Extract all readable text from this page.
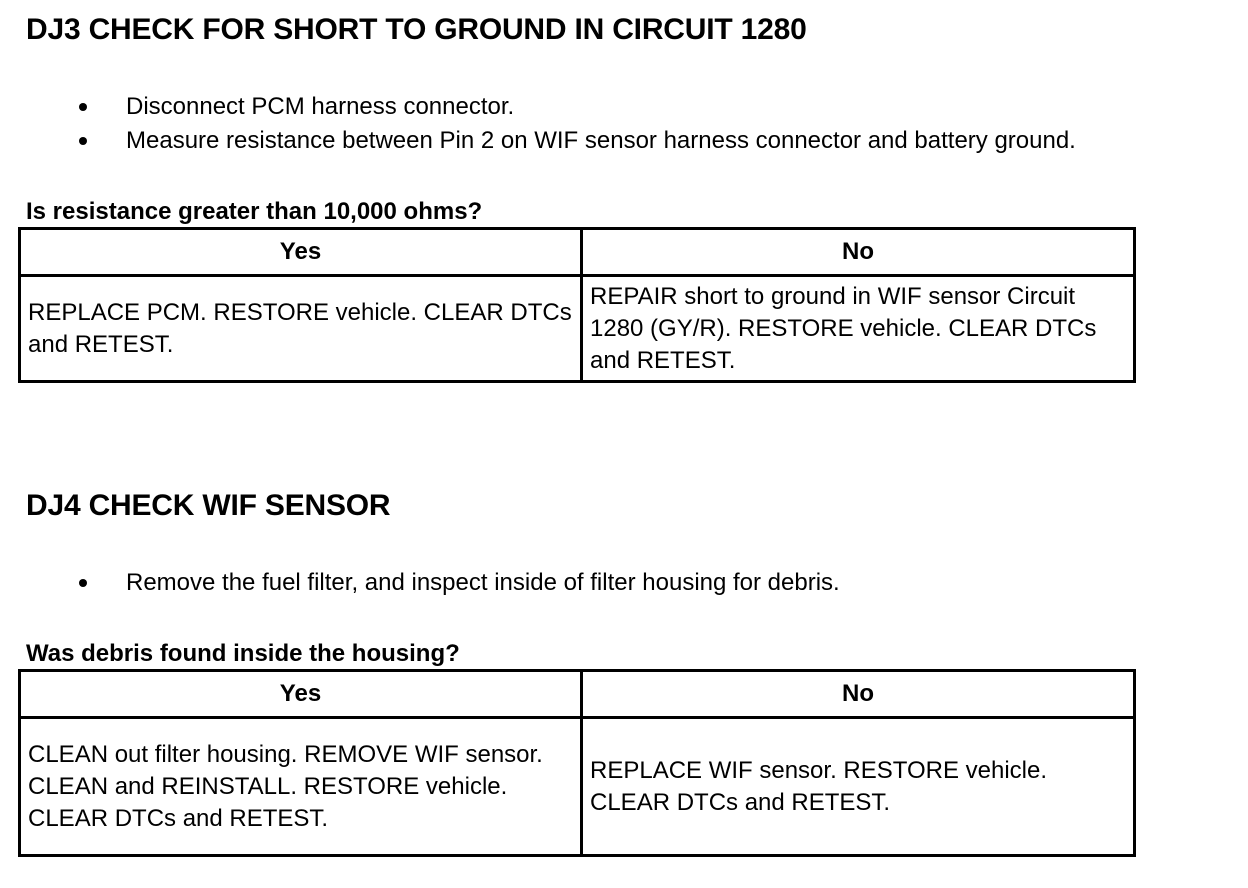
DJ3 CHECK FOR SHORT TO GROUND IN CIRCUIT 1280
Disconnect PCM harness connector.
Measure resistance between Pin 2 on WIF sensor harness connector and battery ground.

Is resistance greater than 10,000 ohms?

Yes	No
REPLACE PCM. RESTORE vehicle. CLEAR DTCs and RETEST.	REPAIR short to ground in WIF sensor Circuit 1280 (GY/R). RESTORE vehicle. CLEAR DTCs and RETEST.
DJ4 CHECK WIF SENSOR
Remove the fuel filter, and inspect inside of filter housing for debris.

Was debris found inside the housing?

Yes	No
CLEAN out filter housing. REMOVE WIF sensor. CLEAN and REINSTALL. RESTORE vehicle. CLEAR DTCs and RETEST.	REPLACE WIF sensor. RESTORE vehicle. CLEAR DTCs and RETEST.
